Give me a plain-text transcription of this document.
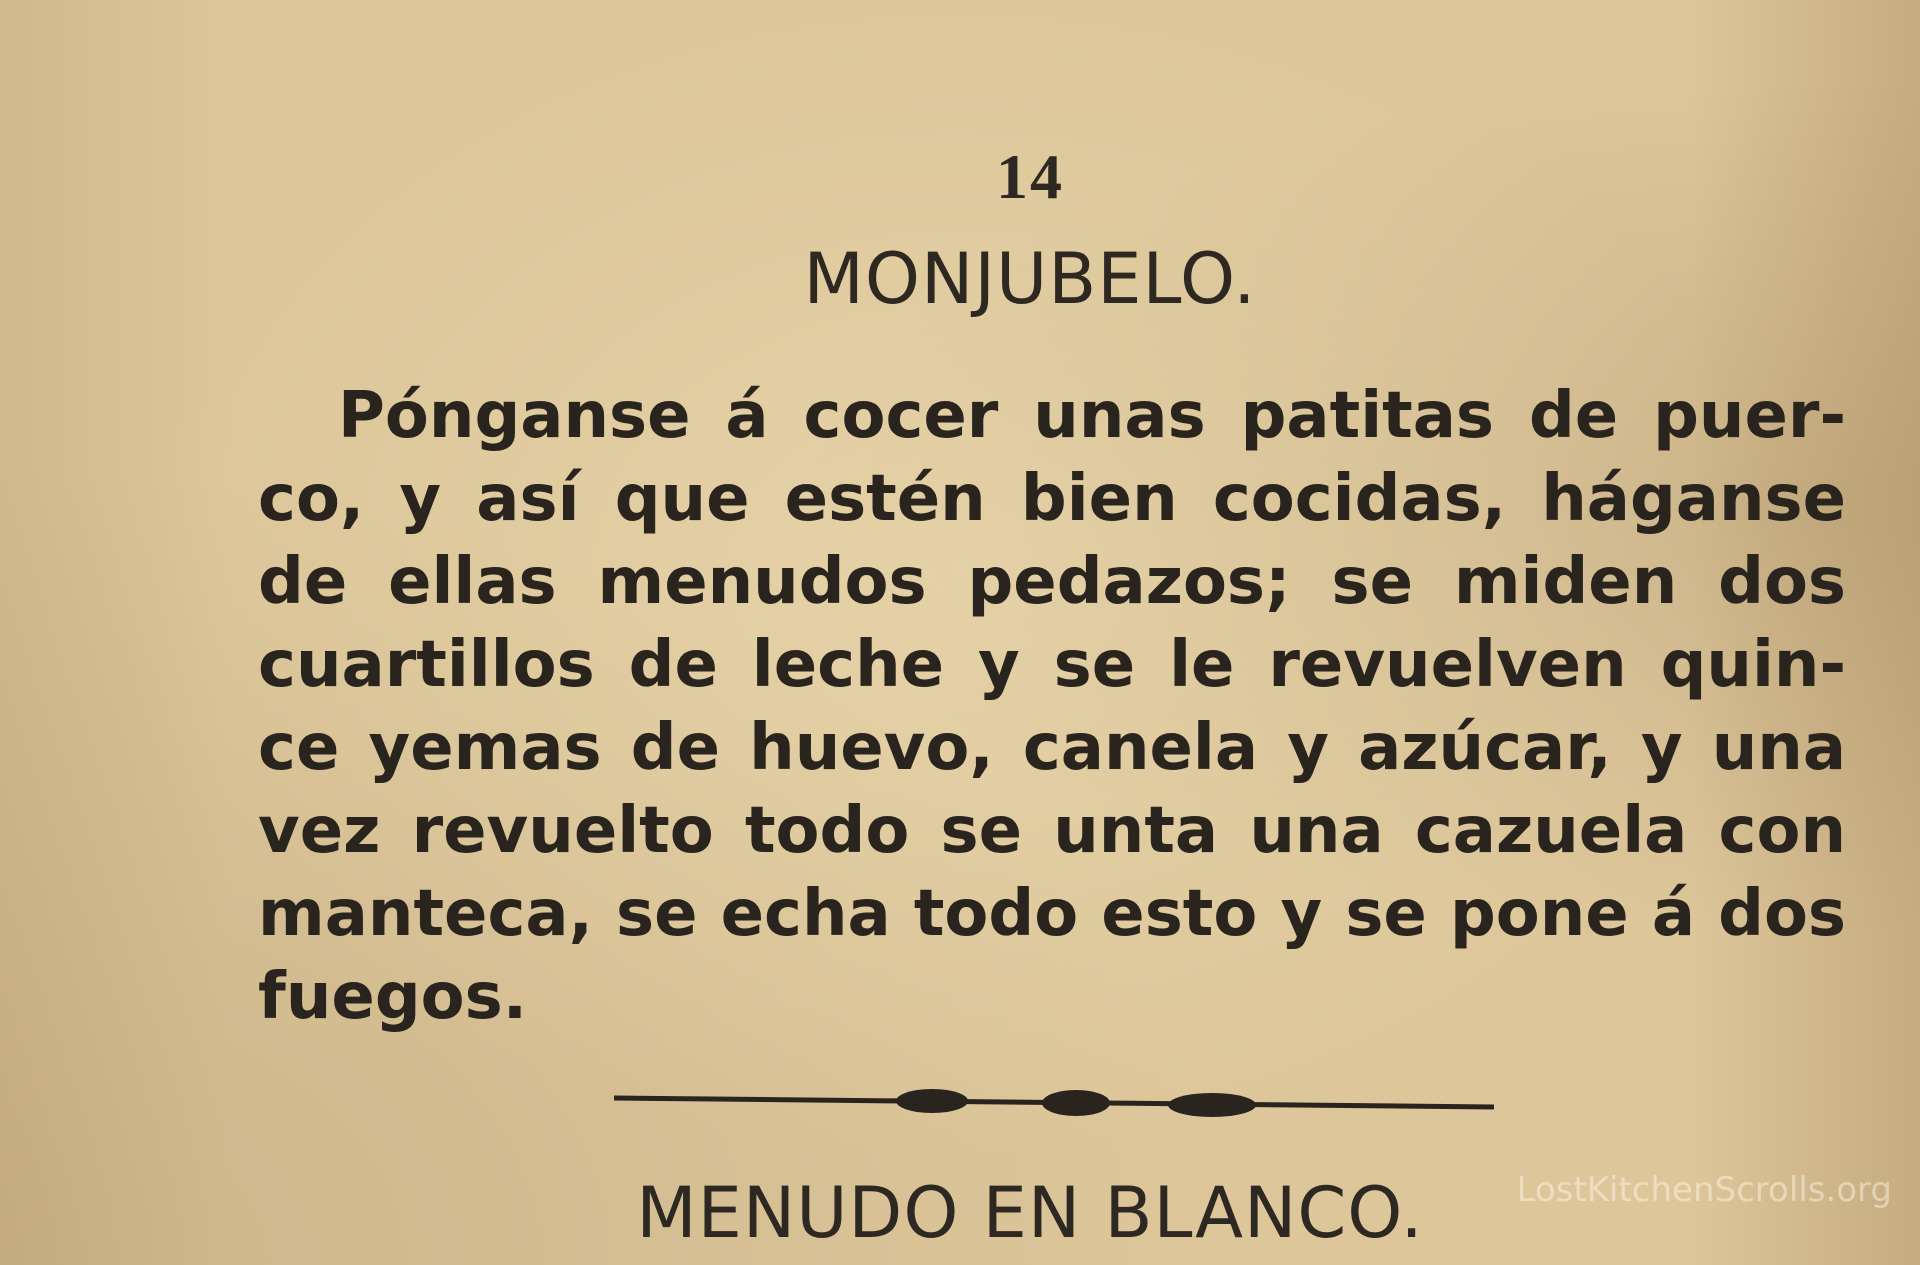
14
MONJUBELO.
Pónganse á cocer unas patitas de puer-
co, y así que estén bien cocidas, háganse
de ellas menudos pedazos; se miden dos
cuartillos de leche y se le revuelven quin-
ce yemas de huevo, canela y azúcar, y una
vez revuelto todo se unta una cazuela con
manteca, se echa todo esto y se pone á dos
fuegos.
MENUDO EN BLANCO.	LostKitchenScrolls.org
